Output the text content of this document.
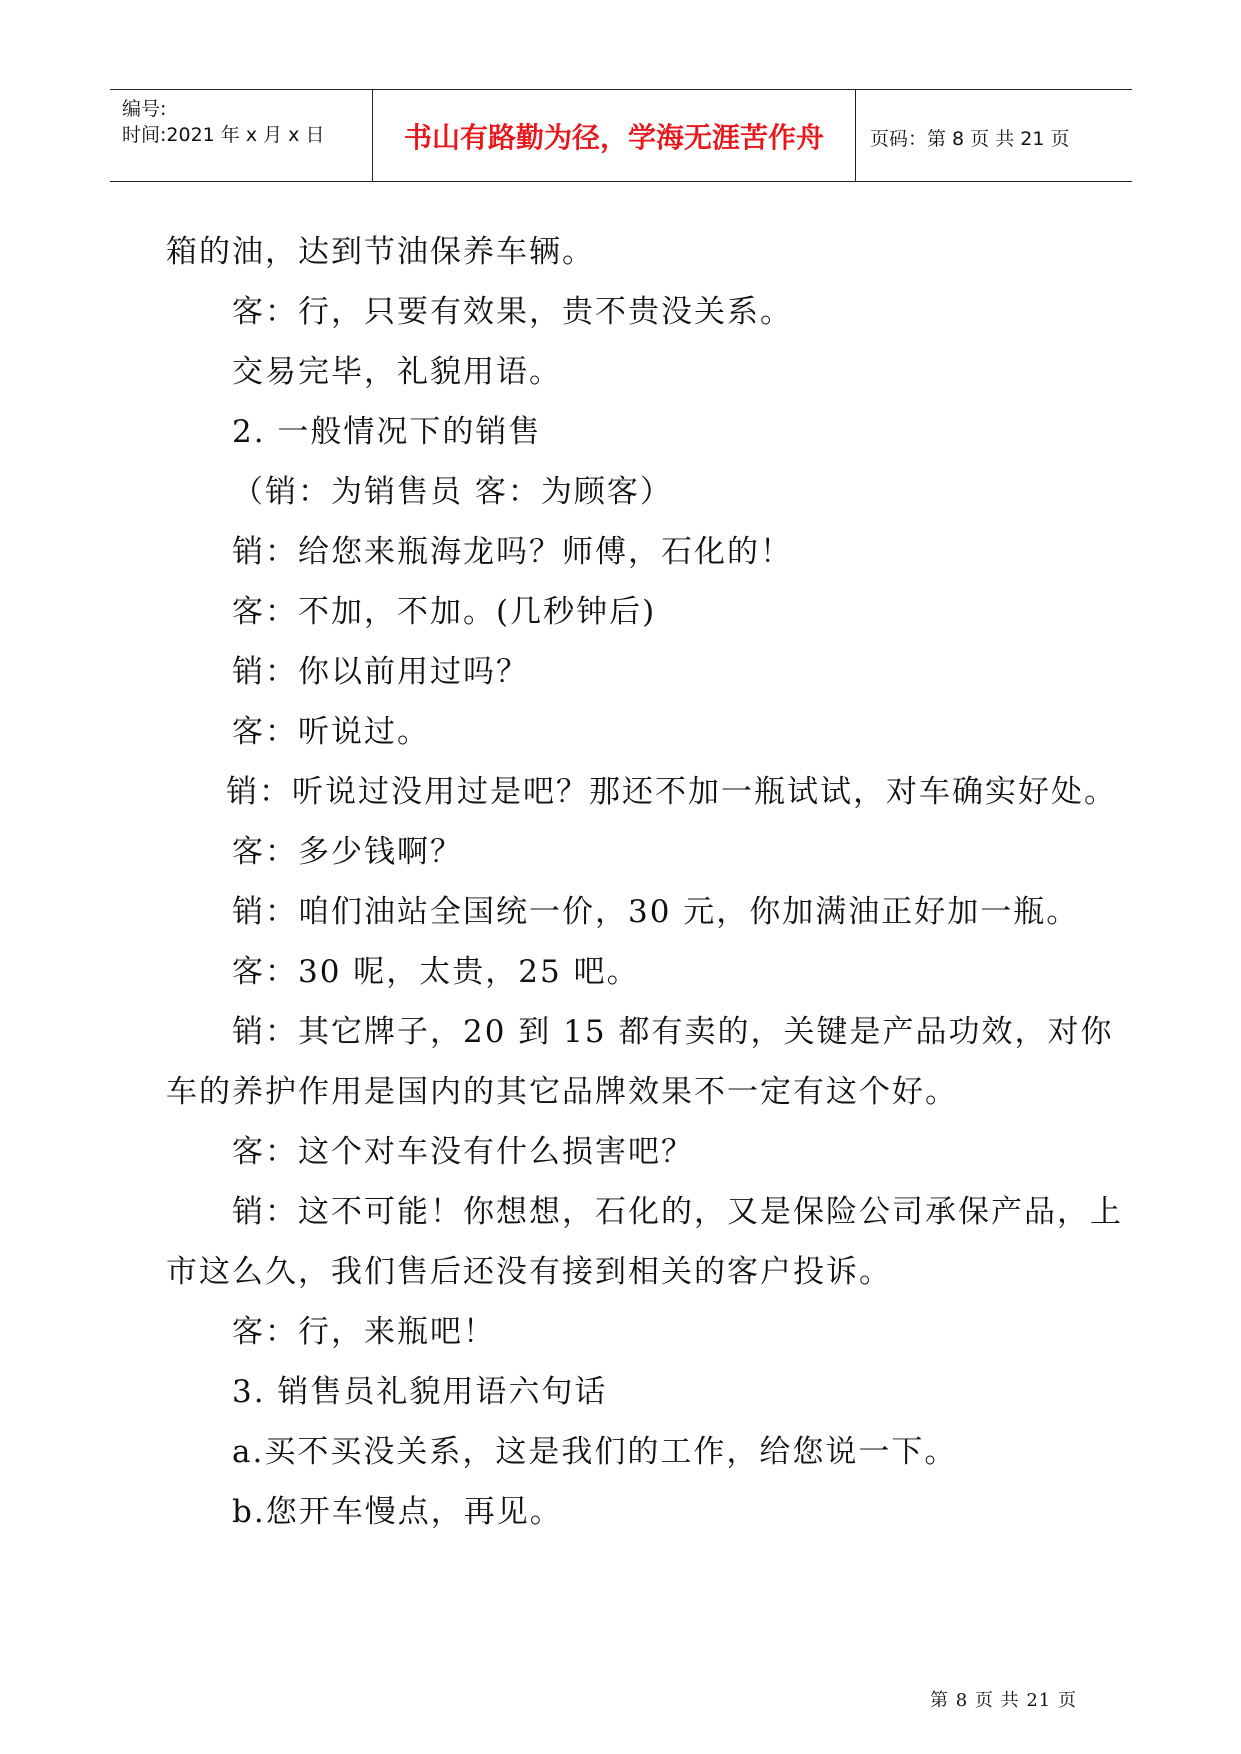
编号:
时间:2021 年 x 月 x 日	书山有路勤为径，学海无涯苦作舟	页码：第 8 页 共 21 页
箱的油，达到节油保养车辆。
客：行，只要有效果，贵不贵没关系。
交易完毕，礼貌用语。
2. 一般情况下的销售
（销：为销售员 客：为顾客）
销：给您来瓶海龙吗？师傅，石化的！
客：不加，不加。(几秒钟后)
销：你以前用过吗？
客：听说过。
销：听说过没用过是吧？那还不加一瓶试试，对车确实好处。
客：多少钱啊？
销：咱们油站全国统一价，30 元，你加满油正好加一瓶。
客：30 呢，太贵，25 吧。
销：其它牌子，20 到 15 都有卖的，关键是产品功效，对你
车的养护作用是国内的其它品牌效果不一定有这个好。
客：这个对车没有什么损害吧？
销：这不可能！你想想，石化的，又是保险公司承保产品，上
市这么久，我们售后还没有接到相关的客户投诉。
客：行，来瓶吧！
3. 销售员礼貌用语六句话
a.买不买没关系，这是我们的工作，给您说一下。
b.您开车慢点，再见。
第 8 页 共 21 页
